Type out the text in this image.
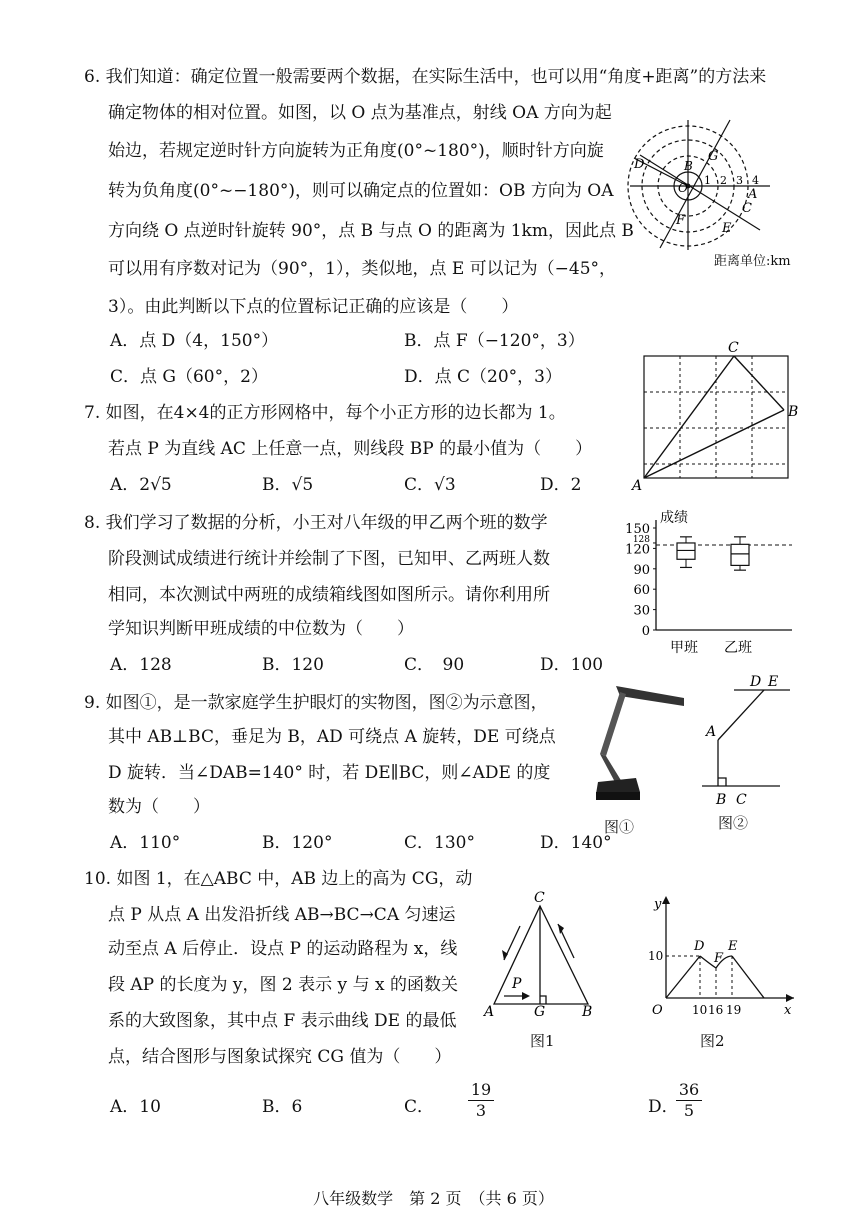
6. 我们知道：确定位置一般需要两个数据，在实际生活中，也可以用“角度+距离”的方法来
确定物体的相对位置。如图，以 O 点为基准点，射线 OA 方向为起
始边，若规定逆时针方向旋转为正角度(0°~180°)，顺时针方向旋
转为负角度(0°~−180°)，则可以确定点的位置如：OB 方向为 OA
方向绕 O 点逆时针旋转 90°，点 B 与点 O 的距离为 1km，因此点 B
可以用有序数对记为（90°，1），类似地，点 E 可以记为（−45°，
3）。由此判断以下点的位置标记正确的应该是（　　）
A．点 D（4，150°）	B．点 F（−120°，3）
C．点 G（60°，2）	D．点 C（20°，3）
D	B
G
O
1 2 3 4
A
C
F
E
距离单位:km
7. 如图，在4×4的正方形网格中，每个小正方形的边长都为 1。
若点 P 为直线 AC 上任意一点，则线段 BP 的最小值为（　　）
A．2√5	B．√5	C．√3	D．2
C
B
A
8. 我们学习了数据的分析，小王对八年级的甲乙两个班的数学
阶段测试成绩进行统计并绘制了下图，已知甲、乙两班人数
相同，本次测试中两班的成绩箱线图如图所示。请你利用所
学知识判断甲班成绩的中位数为（　　）
A．128	B．120	C．　90	D．100
成绩
甲班 乙班
0
30
60
90
120
128
150
9. 如图①，是一款家庭学生护眼灯的实物图，图②为示意图，
其中 AB⊥BC，垂足为 B，AD 可绕点 A 旋转，DE 可绕点
D 旋转．当∠DAB=140° 时，若 DE∥BC，则∠ADE 的度
数为（　　）
A．110°	B．120°	C．130°	D．140°
图①
D E
A
B C
图②
10. 如图 1，在△ABC 中，AB 边上的高为 CG，动
点 P 从点 A 出发沿折线 AB→BC→CA 匀速运
动至点 A 后停止．设点 P 的运动路程为 x，线
段 AP 的长度为 y，图 2 表示 y 与 x 的函数关
系的大致图象，其中点 F 表示曲线 DE 的最低
点，结合图形与图象试探究 CG 值为（　　）
A．10	B．6	C． $\frac{19}{3}$	D．
$\frac{36}{5}$
C
P
A	G	B
图1
y
10
D
F
E
O 10 16 19	x
图2
八年级数学　第 2 页　（共 6 页）
